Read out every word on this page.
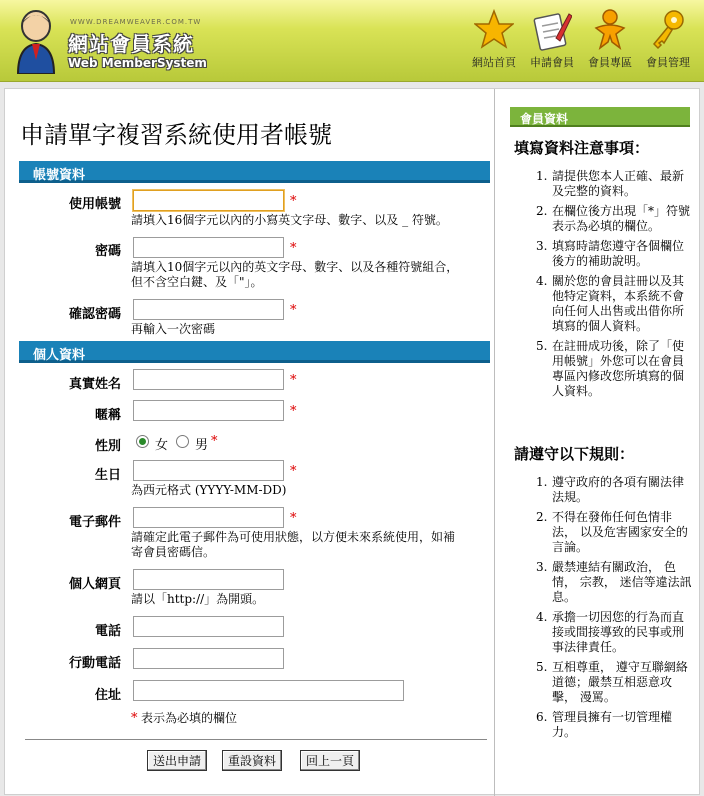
WWW.DREAMWEAVER.COM.TW
網站會員系統
Web MemberSystem	網站首頁 申請會員 會員專區 會員管理
申請單字複習系統使用者帳號
帳號資料
使用帳號	*
請填入16個字元以內的小寫英文字母、數字、以及 _ 符號。
密碼	*
請填入10個字元以內的英文字母、數字、以及各種符號組合，
但不含空白鍵、及「"」。
確認密碼	*
再輸入一次密碼
個人資料
真實姓名	*
暱稱	*
性別	女 男 *
生日	*
為西元格式 (YYYY-MM-DD)
電子郵件	*
請確定此電子郵件為可使用狀態，以方便未來系統使用，如補
寄會員密碼信。
個人網頁
請以「http://」為開頭。
電話
行動電話
住址
* 表示為必填的欄位
送出申請	重設資料	回上一頁
會員資料
填寫資料注意事項：
1. 請提供您本人正確、最新及完整的資料。
2. 在欄位後方出現「*」符號表示為必填的欄位。
3. 填寫時請您遵守各個欄位後方的補助說明。
4. 關於您的會員註冊以及其他特定資料，本系統不會向任何人出售或出借你所填寫的個人資料。
5. 在註冊成功後，除了「使用帳號」外您可以在會員專區內修改您所填寫的個人資料。
請遵守以下規則：
1. 遵守政府的各項有關法律法規。
2. 不得在發佈任何色情非法， 以及危害國家安全的言論。
3. 嚴禁連結有關政治， 色情， 宗教， 迷信等違法訊息。
4. 承擔一切因您的行為而直接或間接導致的民事或刑事法律責任。
5. 互相尊重， 遵守互聯網絡道德；嚴禁互相惡意攻擊， 漫罵。
6. 管理員擁有一切管理權力。
